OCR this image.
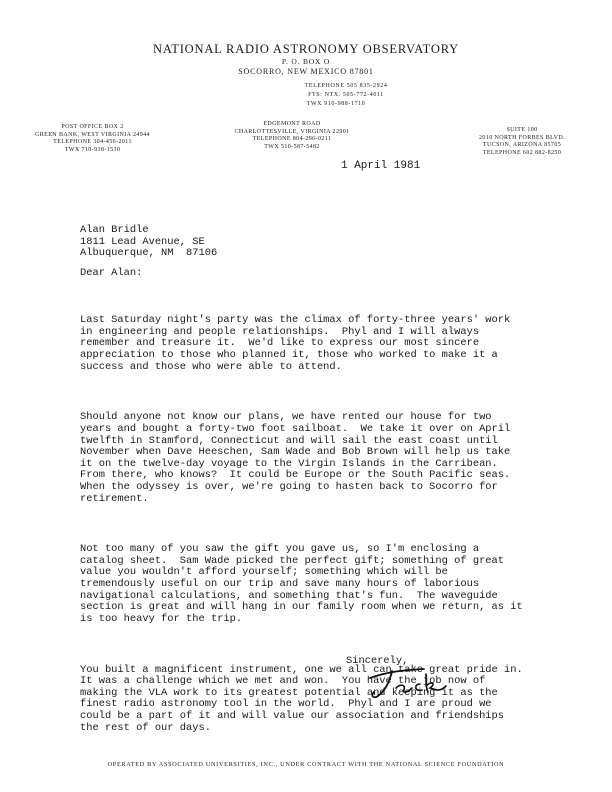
NATIONAL RADIO ASTRONOMY OBSERVATORY
P. O. BOX O
SOCORRO, NEW MEXICO 87801
TELEPHONE 505 835-2924
FTS: NTX. 505-772-4011
TWX 910-988-1710
POST OFFICE BOX 2
GREEN BANK, WEST VIRGINIA 24944
TELEPHONE 304-456-2011
TWX 710-938-1530
EDGEMONT ROAD
CHARLOTTESVILLE, VIRGINIA 22901
TELEPHONE 804-296-0211
TWX 510-587-5482
SUITE 100
2010 NORTH FORBES BLVD.
TUCSON, ARIZONA 85705
TELEPHONE 602 882-8250
1 April 1981
Alan Bridle
1811 Lead Avenue, SE
Albuquerque, NM  87106
Dear Alan:

Last Saturday night's party was the climax of forty-three years' work
in engineering and people relationships.  Phyl and I will always
remember and treasure it.  We'd like to express our most sincere
appreciation to those who planned it, those who worked to make it a
success and those who were able to attend.

Should anyone not know our plans, we have rented our house for two
years and bought a forty-two foot sailboat.  We take it over on April
twelfth in Stamford, Connecticut and will sail the east coast until
November when Dave Heeschen, Sam Wade and Bob Brown will help us take
it on the twelve-day voyage to the Virgin Islands in the Carribean.
From there, who knows?  It could be Europe or the South Pacific seas.
When the odyssey is over, we're going to hasten back to Socorro for
retirement.

Not too many of you saw the gift you gave us, so I'm enclosing a
catalog sheet.  Sam Wade picked the perfect gift; something of great
value you wouldn't afford yourself; something which will be
tremendously useful on our trip and save many hours of laborious
navigational calculations, and something that's fun.  The waveguide
section is great and will hang in our family room when we return, as it
is too heavy for the trip.

You built a magnificent instrument, one we all can take great pride in.
It was a challenge which we met and won.  You have the job now of
making the VLA work to its greatest potential and keeping it as the
finest radio astronomy tool in the world.  Phyl and I are proud we
could be a part of it and will value our association and friendships
the rest of our days.

Sincerely,
OPERATED BY ASSOCIATED UNIVERSITIES, INC., UNDER CONTRACT WITH THE NATIONAL SCIENCE FOUNDATION
